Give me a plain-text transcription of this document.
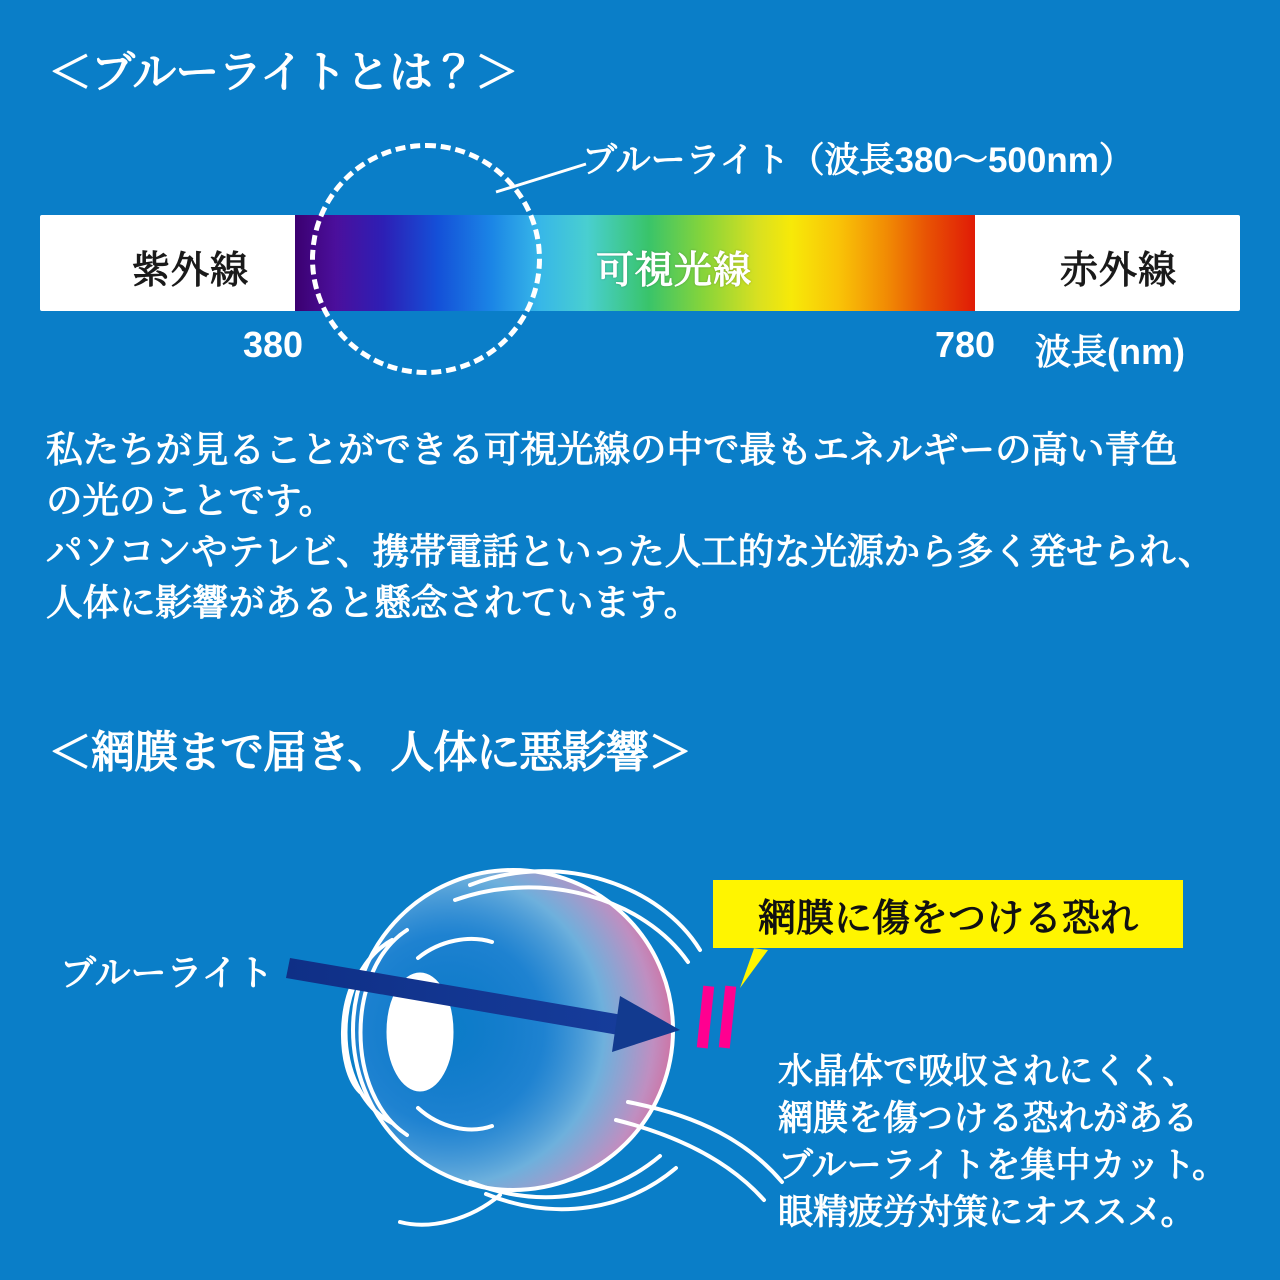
＜ブルーライトとは？＞
紫外線	可視光線	赤外線
ブルーライト（波長380〜500nm）
380	780 波長(nm)
私たちが見ることができる可視光線の中で最もエネルギーの高い青色
の光のことです。
パソコンやテレビ、携帯電話といった人工的な光源から多く発せられ、
人体に影響があると懸念されています。
＜網膜まで届き、人体に悪影響＞
ブルーライト
網膜に傷をつける恐れ
水晶体で吸収されにくく、
網膜を傷つける恐れがある
ブルーライトを集中カット。
眼精疲労対策にオススメ。
